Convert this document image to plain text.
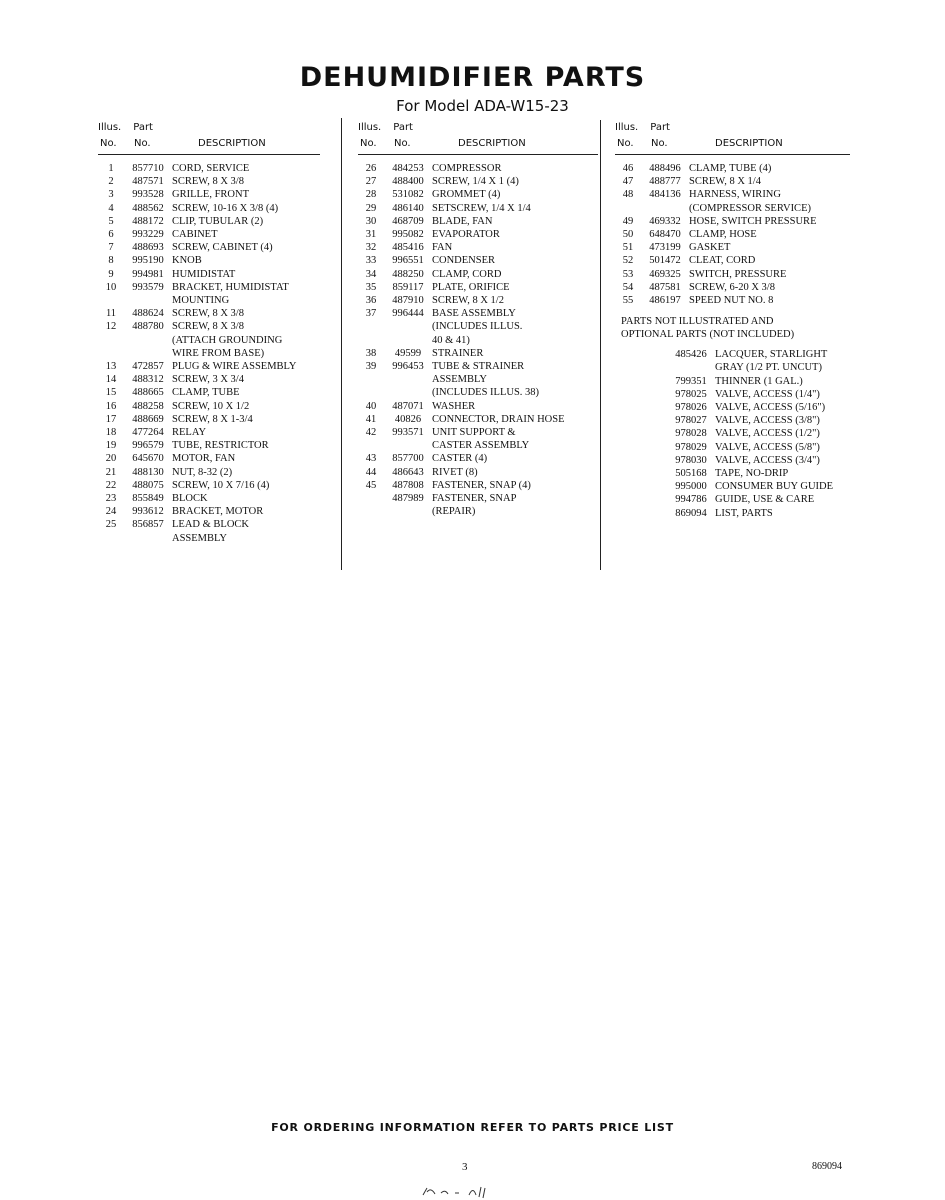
DEHUMIDIFIER PARTS
For Model ADA-W15-23
Illus. Part
No. No.	DESCRIPTION
1	857710 CORD, SERVICE
2	487571 SCREW, 8 X 3/8
3	993528 GRILLE, FRONT
4	488562 SCREW, 10-16 X 3/8 (4)
5	488172 CLIP, TUBULAR (2)
6	993229 CABINET
7	488693 SCREW, CABINET (4)
8	995190 KNOB
9	994981 HUMIDISTAT
10	993579 BRACKET, HUMIDISTAT
MOUNTING
11	488624 SCREW, 8 X 3/8
12	488780 SCREW, 8 X 3/8
(ATTACH GROUNDING
WIRE FROM BASE)
13	472857 PLUG & WIRE ASSEMBLY
14	488312 SCREW, 3 X 3/4
15	488665 CLAMP, TUBE
16	488258 SCREW, 10 X 1/2
17	488669 SCREW, 8 X 1-3/4
18	477264 RELAY
19	996579 TUBE, RESTRICTOR
20	645670 MOTOR, FAN
21	488130 NUT, 8-32 (2)
22	488075 SCREW, 10 X 7/16 (4)
23	855849 BLOCK
24	993612 BRACKET, MOTOR
25	856857 LEAD & BLOCK
ASSEMBLY
Illus. Part
No. No.	DESCRIPTION
26	484253 COMPRESSOR
27	488400 SCREW, 1/4 X 1 (4)
28	531082 GROMMET (4)
29	486140 SETSCREW, 1/4 X 1/4
30	468709 BLADE, FAN
31	995082 EVAPORATOR
32	485416 FAN
33	996551 CONDENSER
34	488250 CLAMP, CORD
35	859117 PLATE, ORIFICE
36	487910 SCREW, 8 X 1/2
37	996444 BASE ASSEMBLY
(INCLUDES ILLUS.
40 & 41)
38	49599	STRAINER
39	996453 TUBE & STRAINER
ASSEMBLY
(INCLUDES ILLUS. 38)
40	487071 WASHER
41	40826	CONNECTOR, DRAIN HOSE
42	993571 UNIT SUPPORT &
CASTER ASSEMBLY
43	857700 CASTER (4)
44	486643 RIVET (8)
45	487808 FASTENER, SNAP (4)
487989 FASTENER, SNAP
(REPAIR)
Illus. Part
No. No.	DESCRIPTION
46	488496 CLAMP, TUBE (4)
47	488777 SCREW, 8 X 1/4
48	484136 HARNESS, WIRING
(COMPRESSOR SERVICE)
49	469332 HOSE, SWITCH PRESSURE
50	648470 CLAMP, HOSE
51	473199 GASKET
52	501472 CLEAT, CORD
53	469325 SWITCH, PRESSURE
54	487581 SCREW, 6-20 X 3/8
55	486197 SPEED NUT NO. 8
PARTS NOT ILLUSTRATED AND
OPTIONAL PARTS (NOT INCLUDED)
485426 LACQUER, STARLIGHT
GRAY (1/2 PT. UNCUT)
799351 THINNER (1 GAL.)
978025 VALVE, ACCESS (1/4")
978026 VALVE, ACCESS (5/16")
978027 VALVE, ACCESS (3/8")
978028 VALVE, ACCESS (1/2")
978029 VALVE, ACCESS (5/8")
978030 VALVE, ACCESS (3/4")
505168 TAPE, NO-DRIP
995000 CONSUMER BUY GUIDE
994786 GUIDE, USE & CARE
869094 LIST, PARTS
FOR ORDERING INFORMATION REFER TO PARTS PRICE LIST
3	869094
